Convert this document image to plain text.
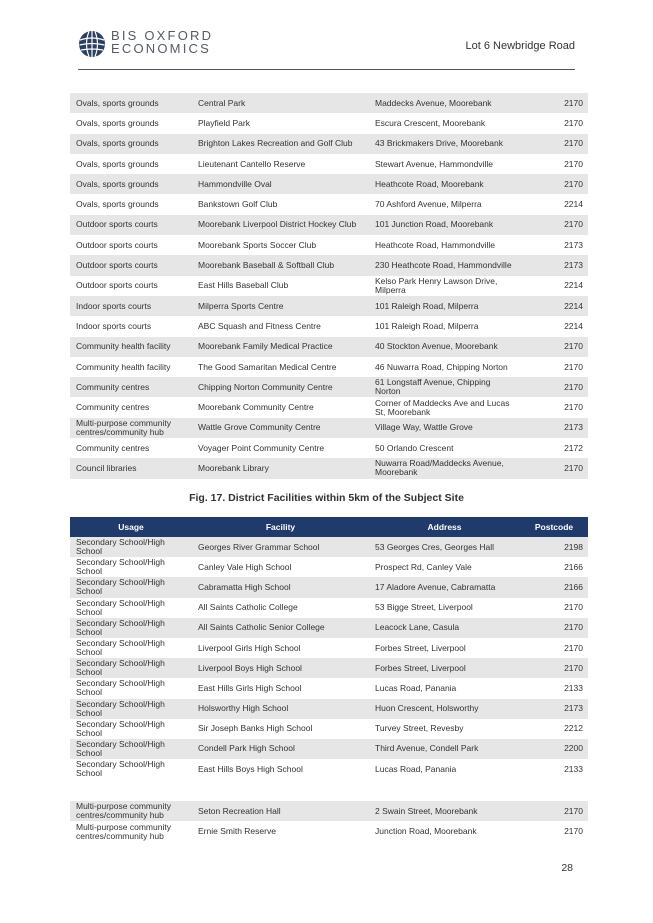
BIS OXFORD
ECONOMICS	Lot 6 Newbridge Road
Ovals, sports grounds	Central Park	Maddecks Avenue, Moorebank	2170
Ovals, sports grounds	Playfield Park	Escura Crescent, Moorebank	2170
Ovals, sports grounds	Brighton Lakes Recreation and Golf Club	43 Brickmakers Drive, Moorebank	2170
Ovals, sports grounds	Lieutenant Cantello Reserve	Stewart Avenue, Hammondville	2170
Ovals, sports grounds	Hammondville Oval	Heathcote Road, Moorebank	2170
Ovals, sports grounds	Bankstown Golf Club	70 Ashford Avenue, Milperra	2214
Outdoor sports courts	Moorebank Liverpool District Hockey Club	101 Junction Road, Moorebank	2170
Outdoor sports courts	Moorebank Sports Soccer Club	Heathcote Road, Hammondville	2173
Outdoor sports courts	Moorebank Baseball & Softball Club	230 Heathcote Road, Hammondville	2173
Outdoor sports courts	East Hills Baseball Club	Kelso Park Henry Lawson Drive, Milperra	2214
Indoor sports courts	Milperra Sports Centre	101 Raleigh Road, Milperra	2214
Indoor sports courts	ABC Squash and Fitness Centre	101 Raleigh Road, Milperra	2214
Community health facility	Moorebank Family Medical Practice	40 Stockton Avenue, Moorebank	2170
Community health facility	The Good Samaritan Medical Centre	46 Nuwarra Road, Chipping Norton	2170
Community centres	Chipping Norton Community Centre	61 Longstaff Avenue, Chipping Norton	2170
Community centres	Moorebank Community Centre	Corner of Maddecks Ave and Lucas St, Moorebank	2170
Multi-purpose community centres/community hub	Wattle Grove Community Centre	Village Way, Wattle Grove	2173
Community centres	Voyager Point Community Centre	50 Orlando Crescent	2172
Council libraries	Moorebank Library	Nuwarra Road/Maddecks Avenue, Moorebank	2170
Fig. 17. District Facilities within 5km of the Subject Site
Usage	Facility	Address	Postcode
Secondary School/High School	Georges River Grammar School	53 Georges Cres, Georges Hall	2198
Secondary School/High School	Canley Vale High School	Prospect Rd, Canley Vale	2166
Secondary School/High School	Cabramatta High School	17 Aladore Avenue, Cabramatta	2166
Secondary School/High School	All Saints Catholic College	53 Bigge Street, Liverpool	2170
Secondary School/High School	All Saints Catholic Senior College	Leacock Lane, Casula	2170
Secondary School/High School	Liverpool Girls High School	Forbes Street, Liverpool	2170
Secondary School/High School	Liverpool Boys High School	Forbes Street, Liverpool	2170
Secondary School/High School	East Hills Girls High School	Lucas Road, Panania	2133
Secondary School/High School	Holsworthy High School	Huon Crescent, Holsworthy	2173
Secondary School/High School	Sir Joseph Banks High School	Turvey Street, Revesby	2212
Secondary School/High School	Condell Park High School	Third Avenue, Condell Park	2200
Secondary School/High School	East Hills Boys High School	Lucas Road, Panania	2133

Multi-purpose community centres/community hub	Seton Recreation Hall	2 Swain Street, Moorebank	2170
Multi-purpose community centres/community hub	Ernie Smith Reserve	Junction Road, Moorebank	2170
28
